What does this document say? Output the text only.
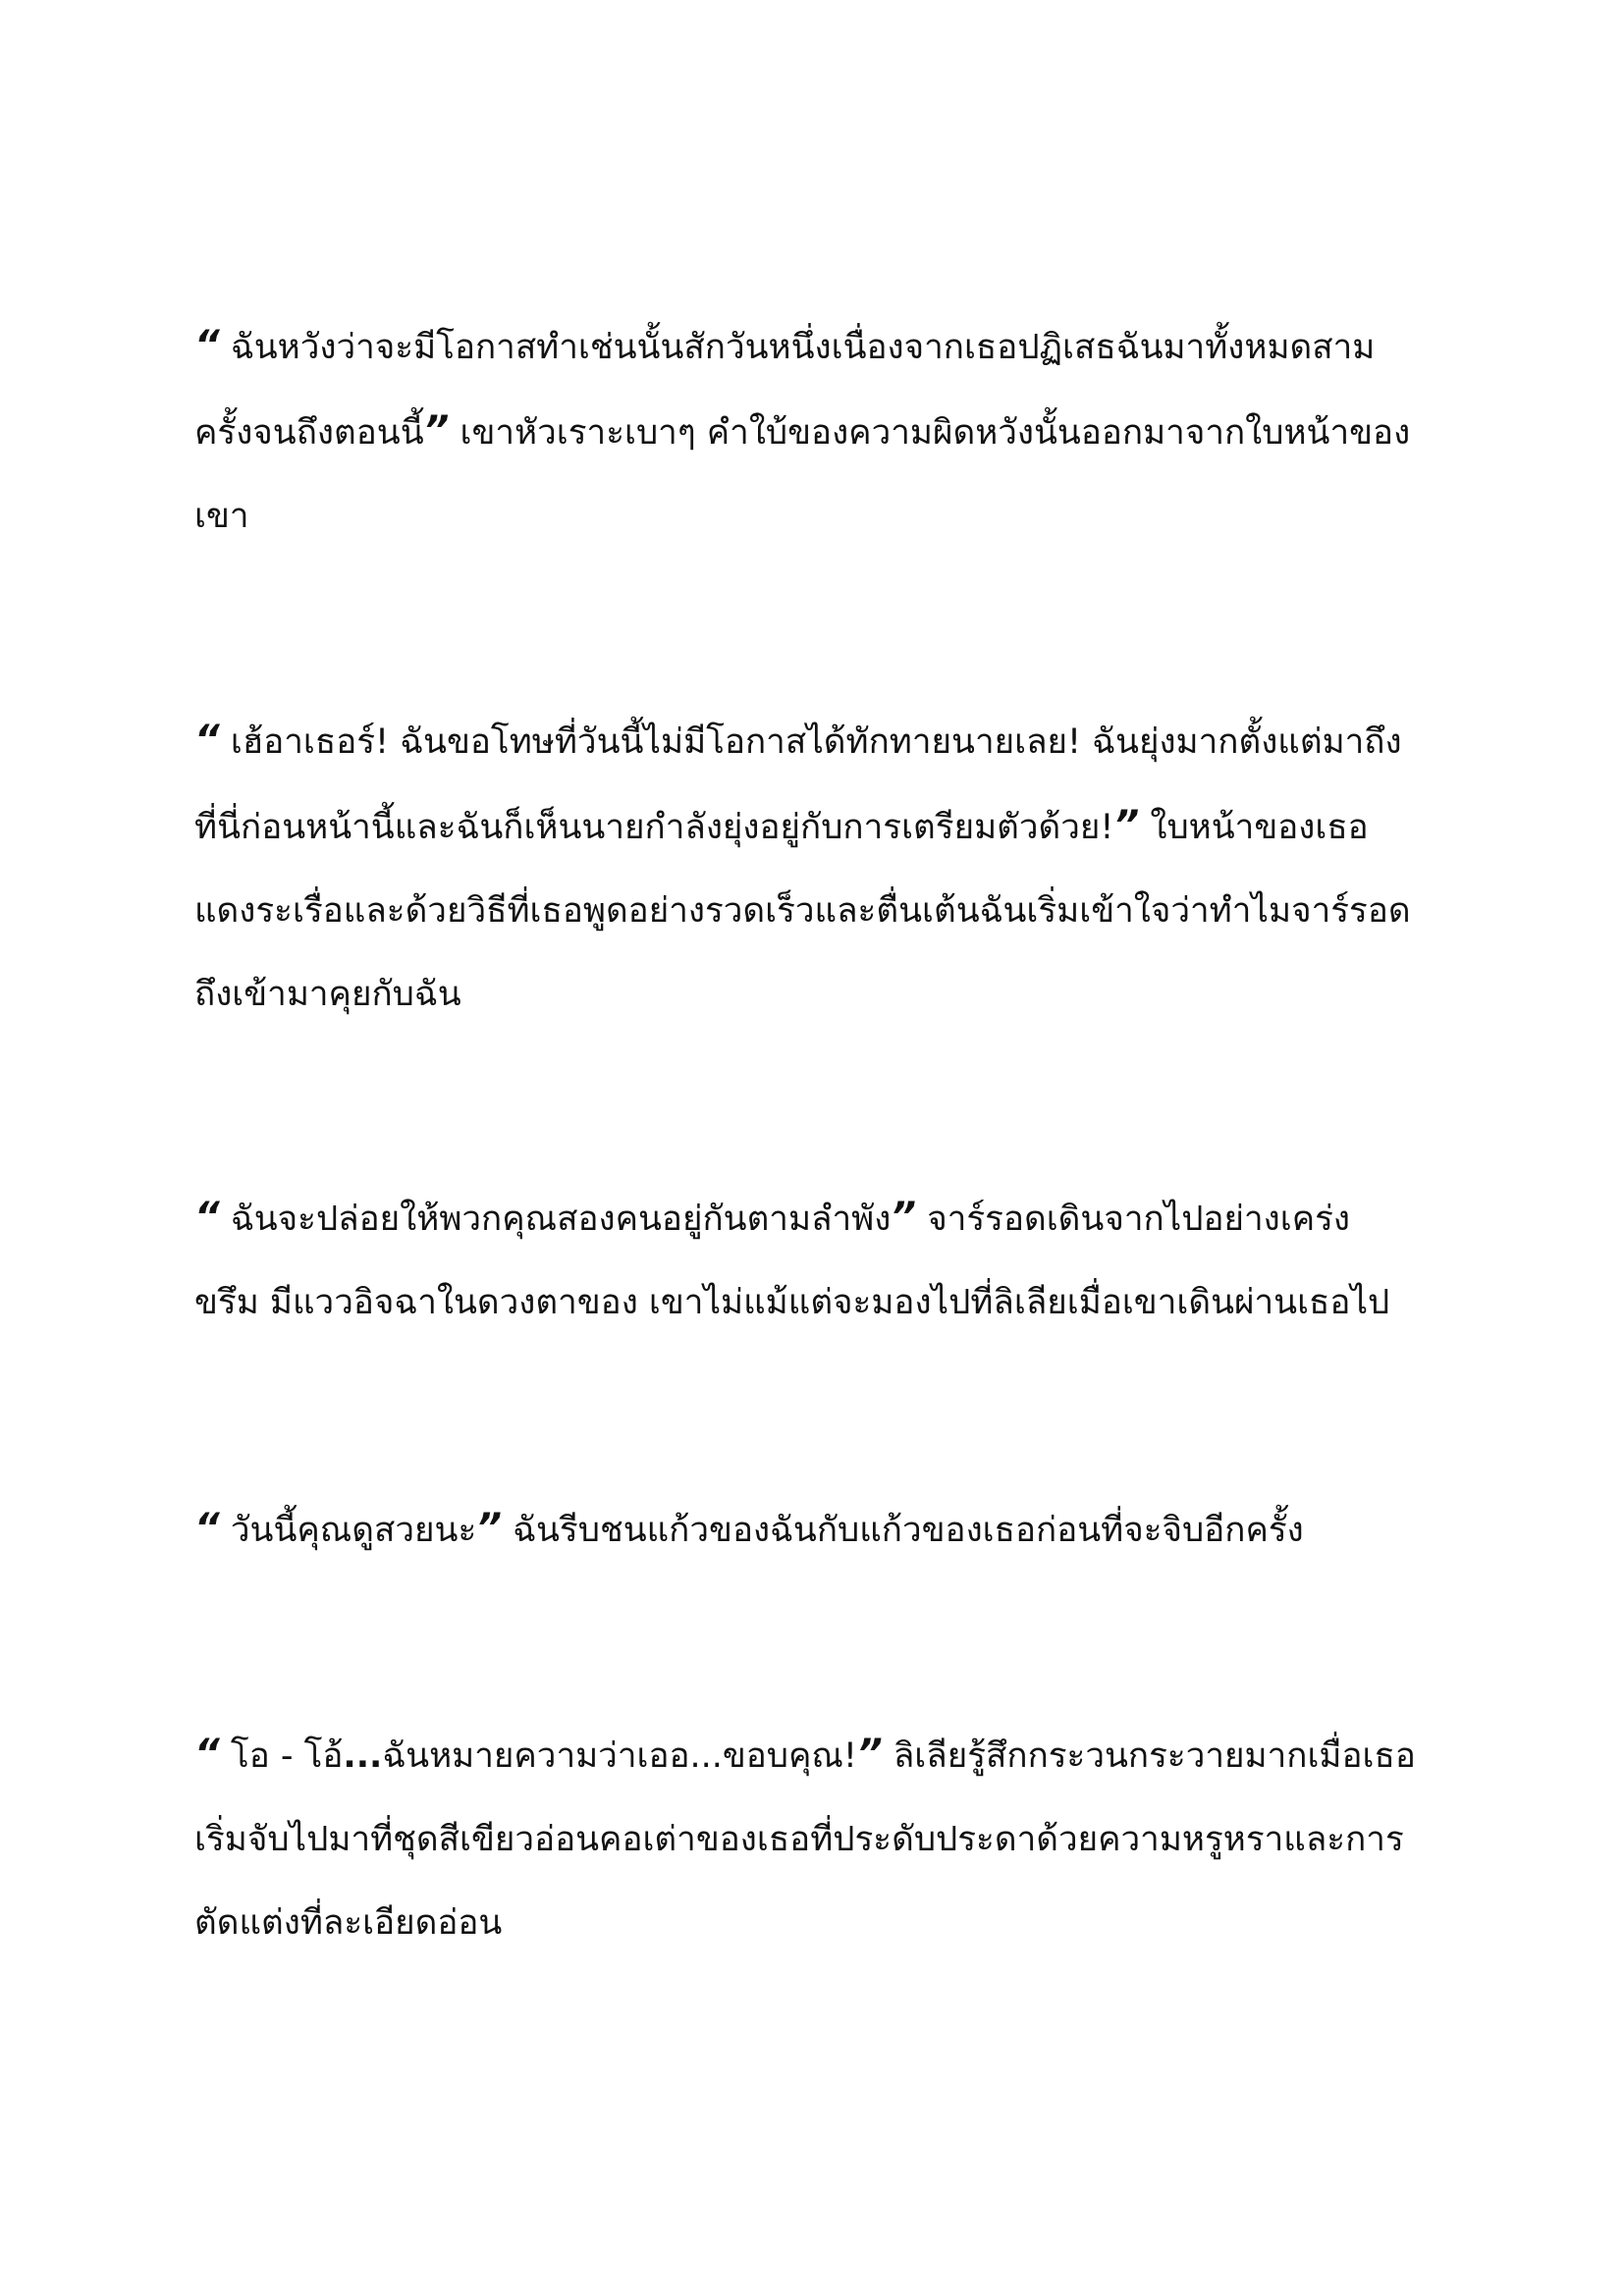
“ ฉันหวังว่าจะมีโอกาสทำเช่นนั้นสักวันหนึ่งเนื่องจากเธอปฏิเสธฉันมาทั้งหมดสาม
ครั้งจนถึงตอนนี้” เขาหัวเราะเบาๆ คำใบ้ของความผิดหวังนั้นออกมาจากใบหน้าของ
เขา

“ เฮ้อาเธอร์! ฉันขอโทษที่วันนี้ไม่มีโอกาสได้ทักทายนายเลย! ฉันยุ่งมากตั้งแต่มาถึง
ที่นี่ก่อนหน้านี้และฉันก็เห็นนายกำลังยุ่งอยู่กับการเตรียมตัวด้วย!” ใบหน้าของเธอ
แดงระเรื่อและด้วยวิธีที่เธอพูดอย่างรวดเร็วและตื่นเต้นฉันเริ่มเข้าใจว่าทำไมจาร์รอด
ถึงเข้ามาคุยกับฉัน

“ ฉันจะปล่อยให้พวกคุณสองคนอยู่กันตามลำพัง” จาร์รอดเดินจากไปอย่างเคร่ง
ขรึม มีแววอิจฉาในดวงตาของ เขาไม่แม้แต่จะมองไปที่ลิเลียเมื่อเขาเดินผ่านเธอไป

“ วันนี้คุณดูสวยนะ” ฉันรีบชนแก้วของฉันกับแก้วของเธอก่อนที่จะจิบอีกครั้ง

“ โอ - โอ้...ฉันหมายความว่าเออ...ขอบคุณ!” ลิเลียรู้สึกกระวนกระวายมากเมื่อเธอ
เริ่มจับไปมาที่ชุดสีเขียวอ่อนคอเต่าของเธอที่ประดับประดาด้วยความหรูหราและการ
ตัดแต่งที่ละเอียดอ่อน
